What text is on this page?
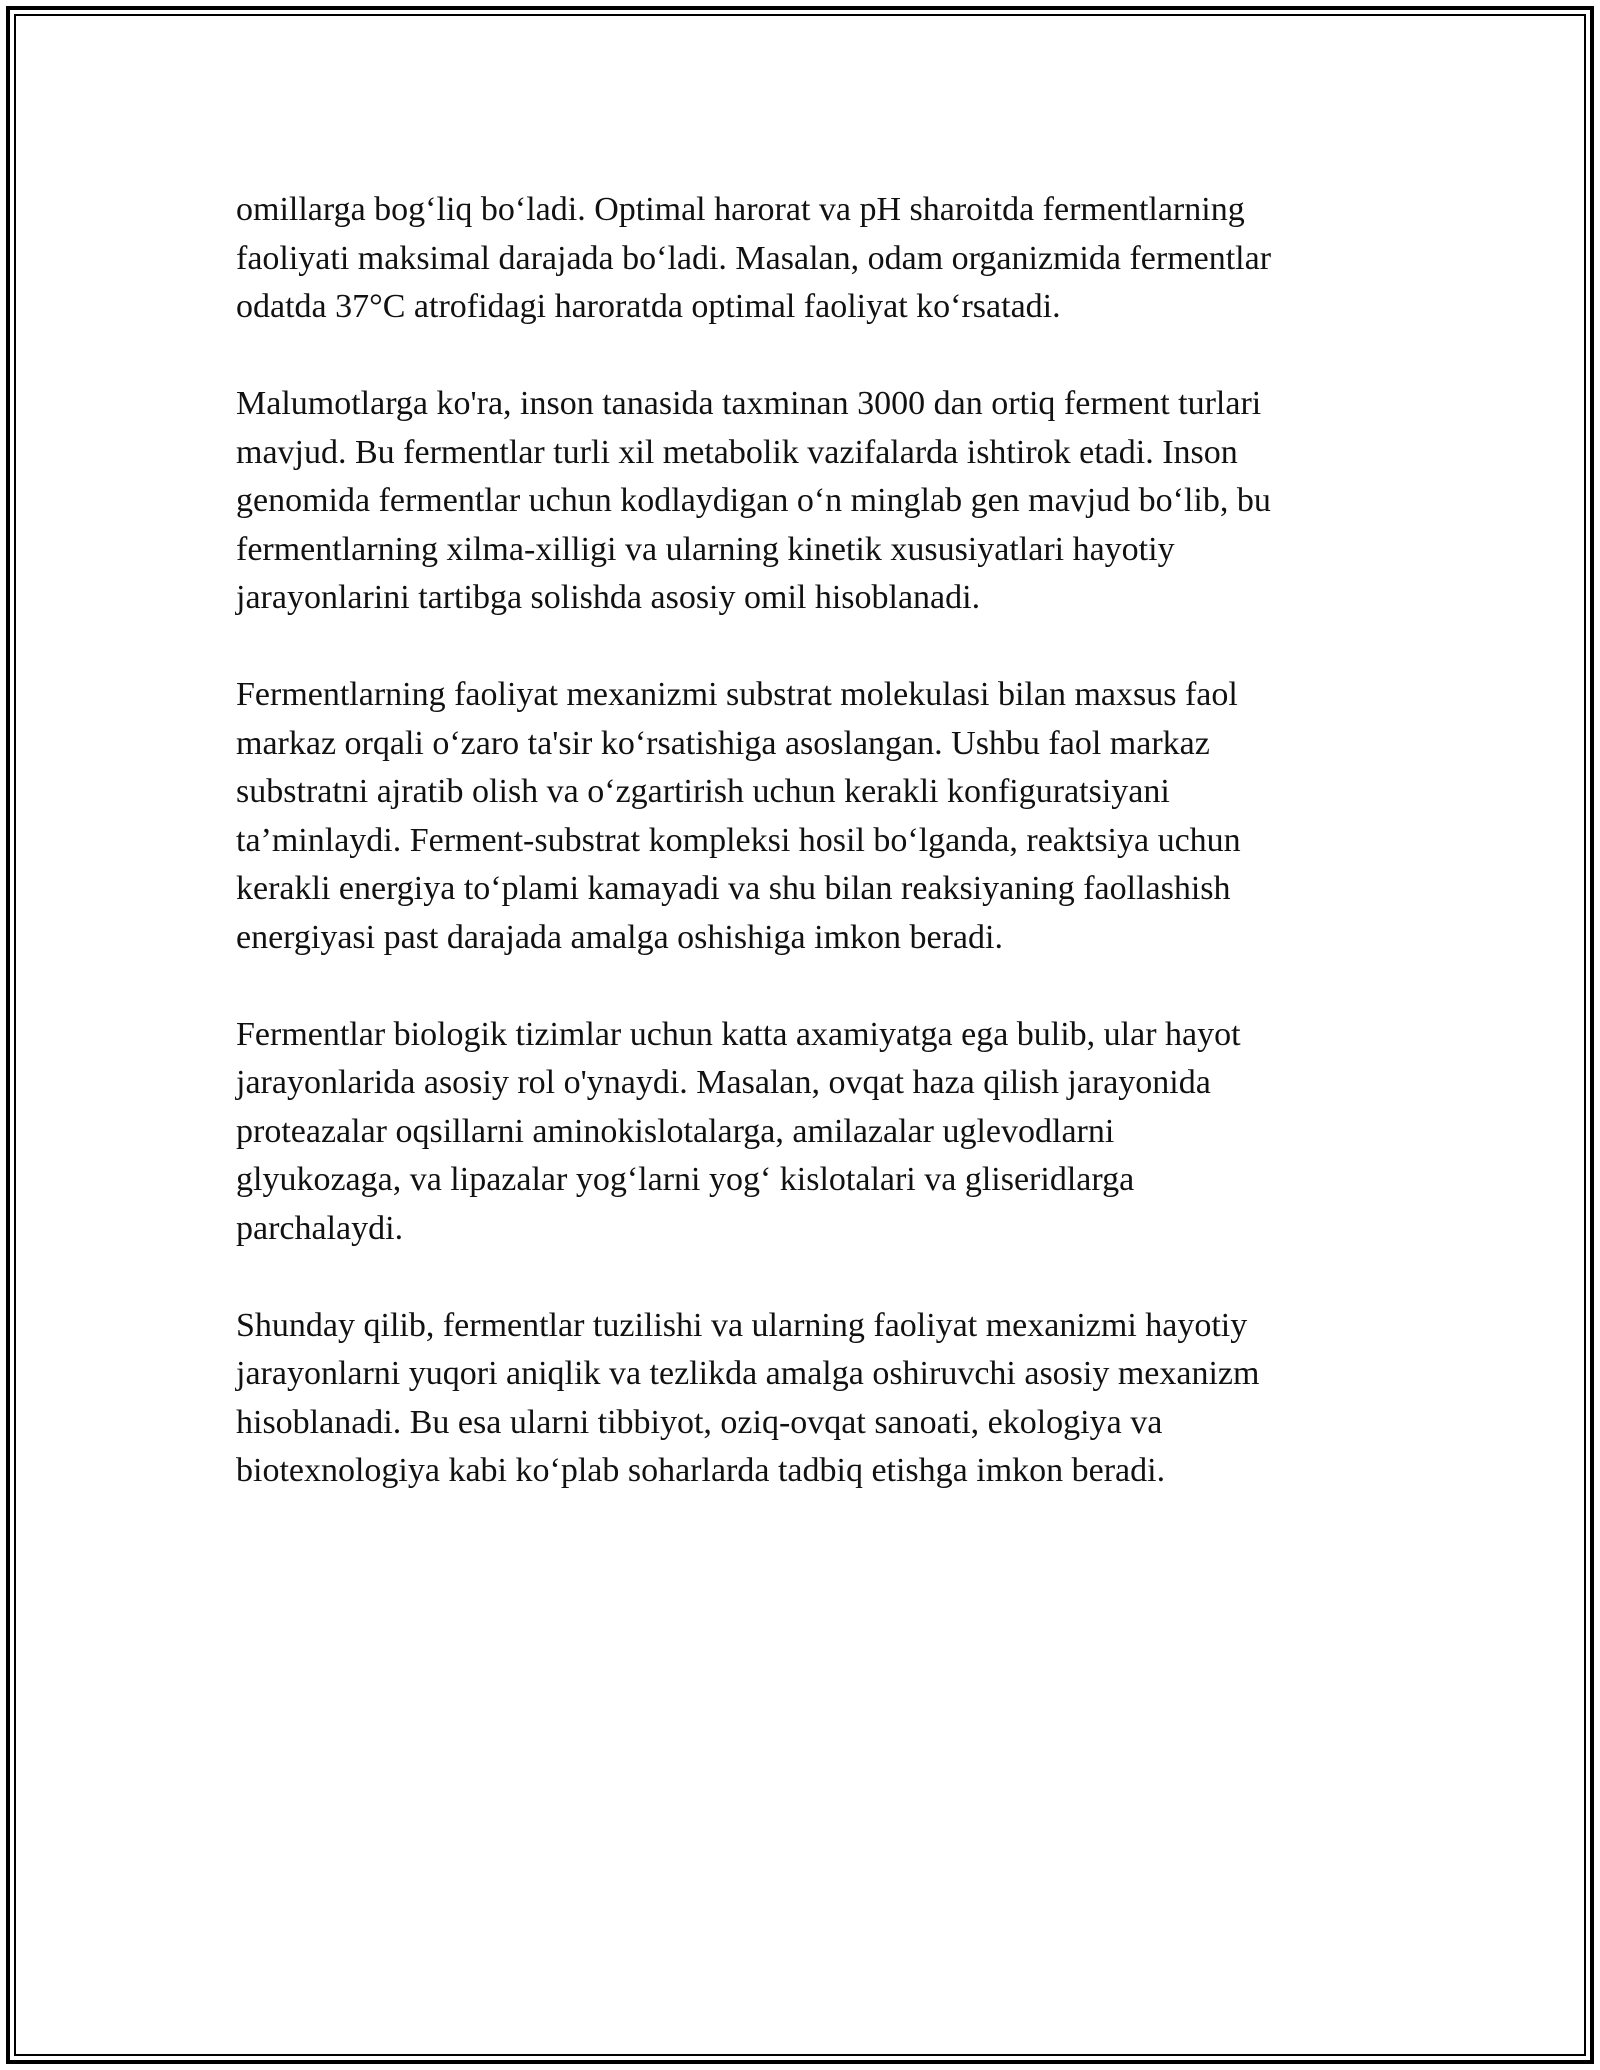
omillarga bog‘liq bo‘ladi. Optimal harorat va pH sharoitda fermentlarning
faoliyati maksimal darajada bo‘ladi. Masalan, odam organizmida fermentlar
odatda 37°C atrofidagi haroratda optimal faoliyat ko‘rsatadi.

Malumotlarga ko'ra, inson tanasida taxminan 3000 dan ortiq ferment turlari
mavjud. Bu fermentlar turli xil metabolik vazifalarda ishtirok etadi. Inson
genomida fermentlar uchun kodlaydigan o‘n minglab gen mavjud bo‘lib, bu
fermentlarning xilma-xilligi va ularning kinetik xususiyatlari hayotiy
jarayonlarini tartibga solishda asosiy omil hisoblanadi.

Fermentlarning faoliyat mexanizmi substrat molekulasi bilan maxsus faol
markaz orqali o‘zaro ta'sir ko‘rsatishiga asoslangan. Ushbu faol markaz
substratni ajratib olish va o‘zgartirish uchun kerakli konfiguratsiyani
ta’minlaydi. Ferment-substrat kompleksi hosil bo‘lganda, reaktsiya uchun
kerakli energiya to‘plami kamayadi va shu bilan reaksiyaning faollashish
energiyasi past darajada amalga oshishiga imkon beradi.

Fermentlar biologik tizimlar uchun katta axamiyatga ega bulib, ular hayot
jarayonlarida asosiy rol o'ynaydi. Masalan, ovqat haza qilish jarayonida
proteazalar oqsillarni aminokislotalarga, amilazalar uglevodlarni
glyukozaga, va lipazalar yog‘larni yog‘ kislotalari va gliseridlarga
parchalaydi.

Shunday qilib, fermentlar tuzilishi va ularning faoliyat mexanizmi hayotiy
jarayonlarni yuqori aniqlik va tezlikda amalga oshiruvchi asosiy mexanizm
hisoblanadi. Bu esa ularni tibbiyot, oziq-ovqat sanoati, ekologiya va
biotexnologiya kabi ko‘plab soharlarda tadbiq etishga imkon beradi.
